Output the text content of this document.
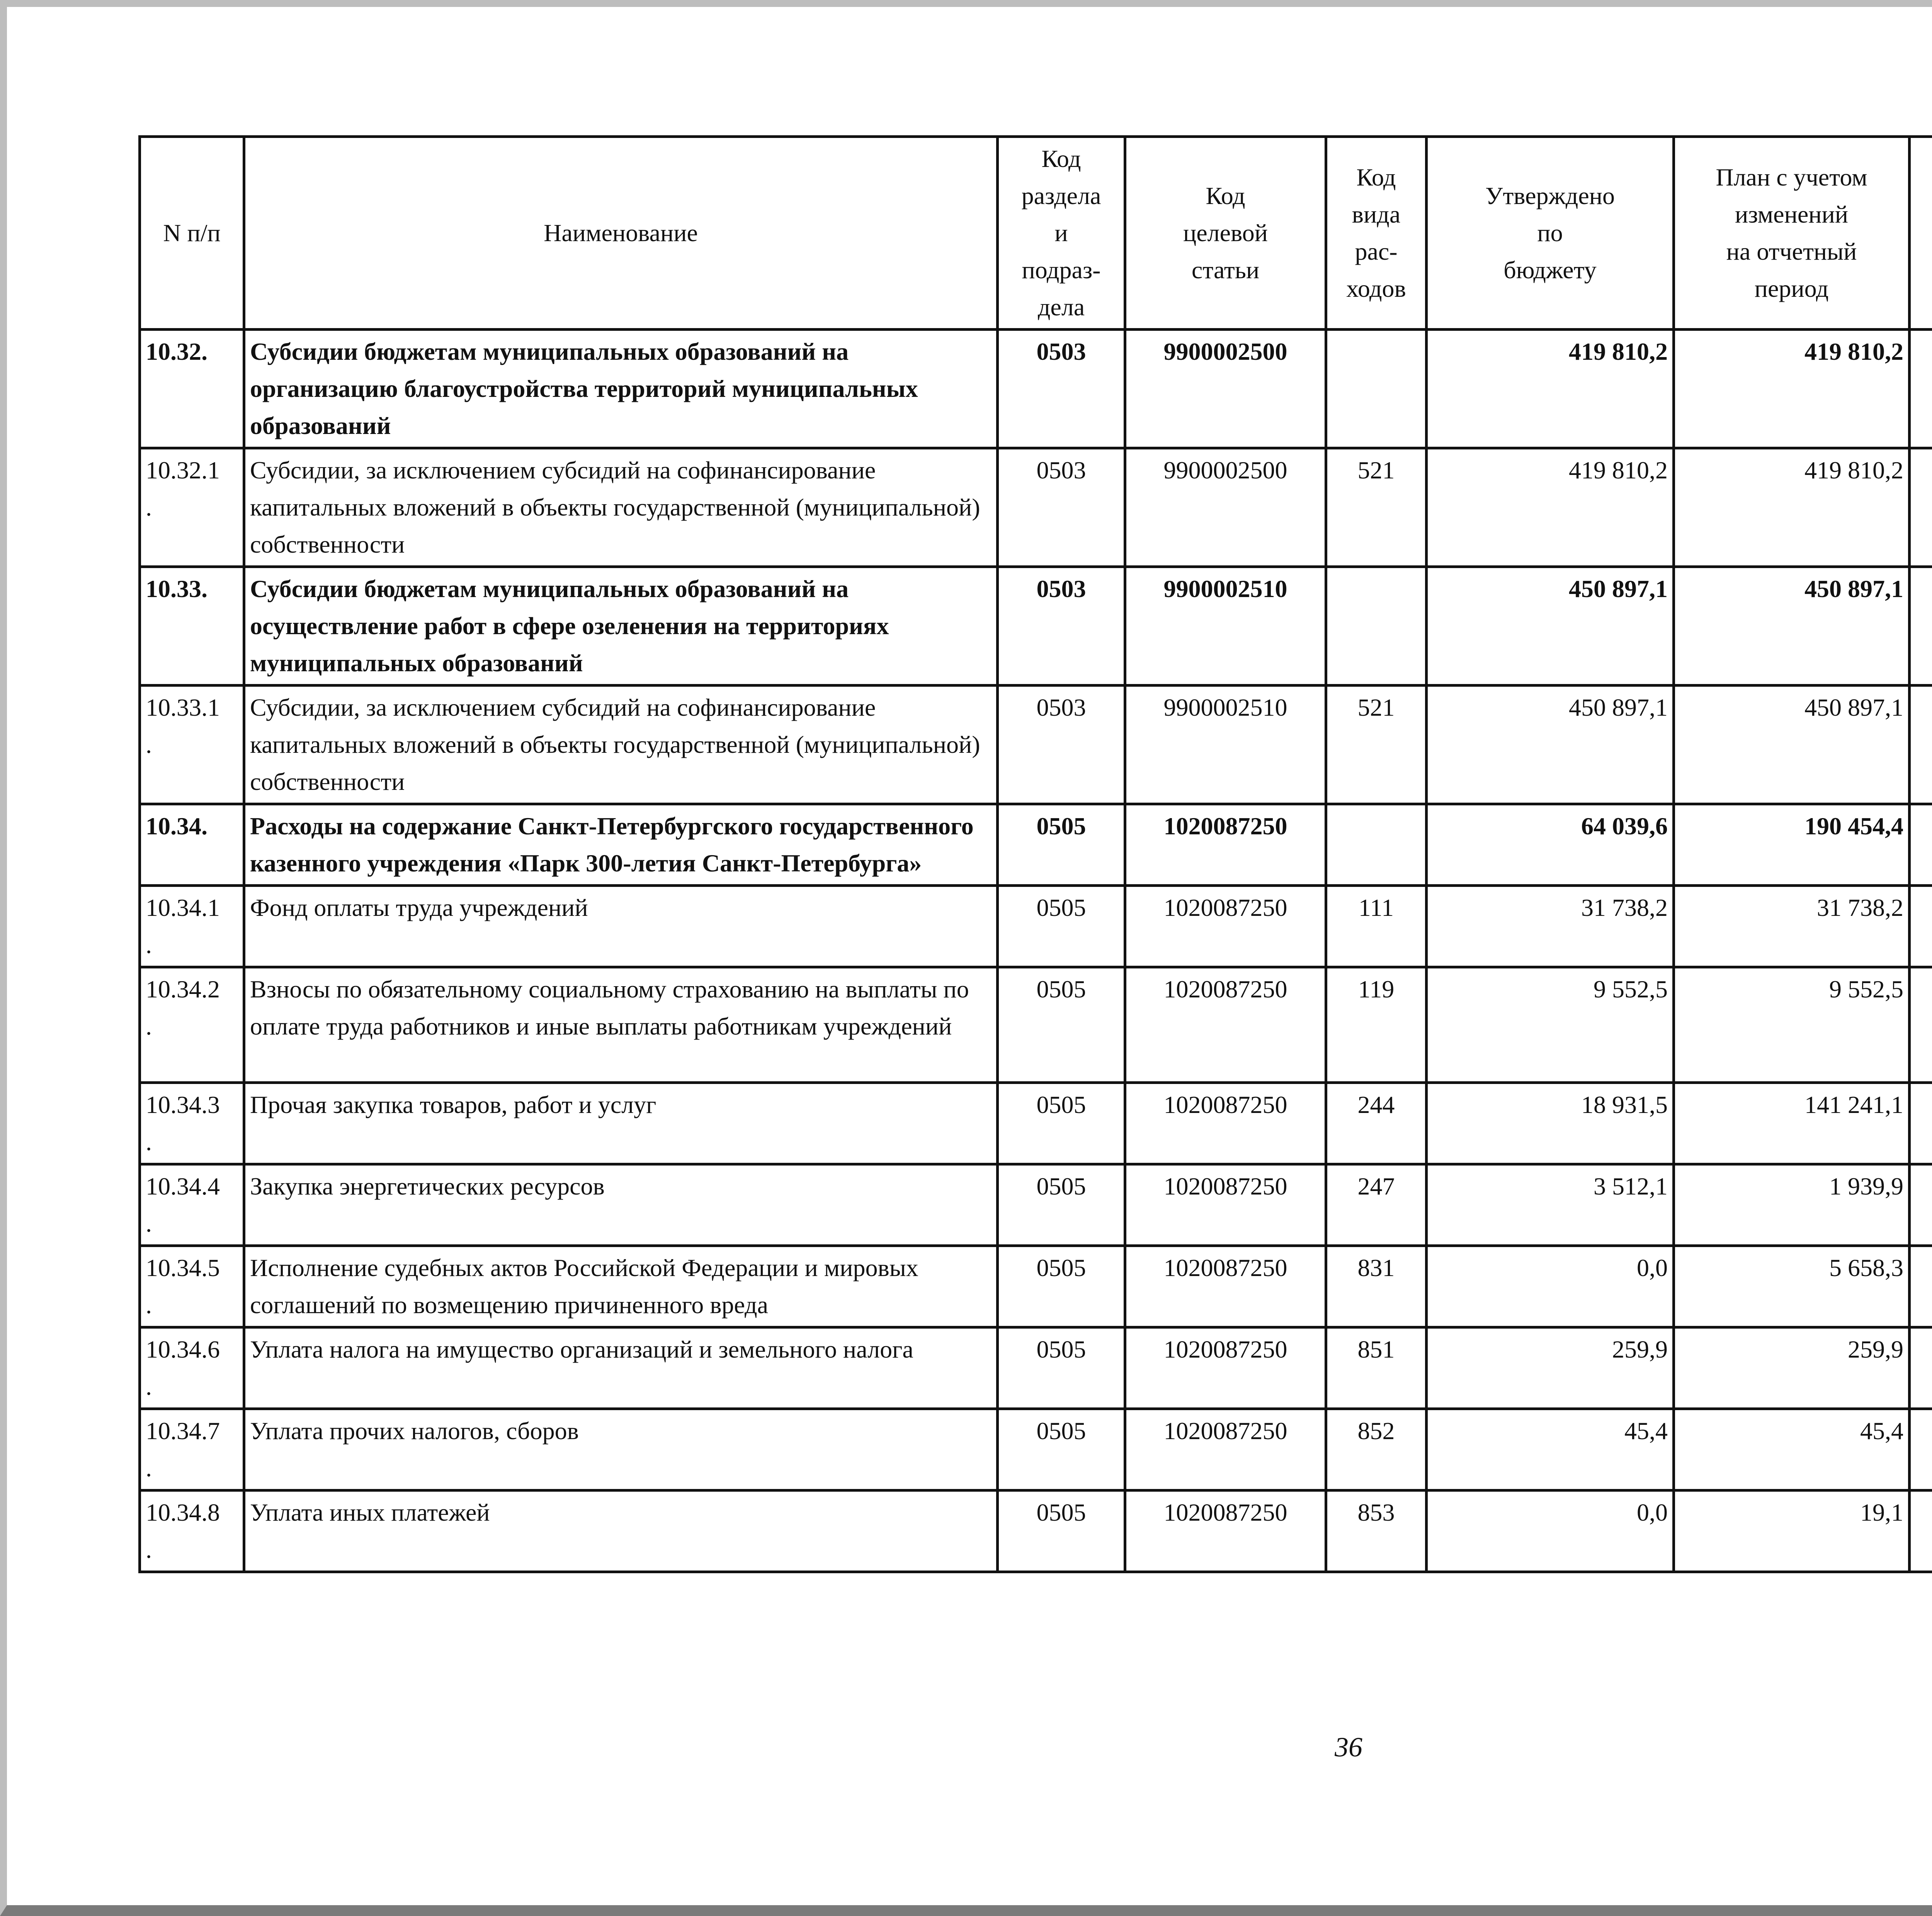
N п/п	Наименование	Код
раздела
и
подраз-
дела	Код
целевой
статьи	Код
вида
рас-
ходов	Утверждено
по
бюджету	План с учетом
изменений
на отчетный
период		

10.32.	Субсидии бюджетам муниципальных образований на организацию благоустройства территорий муниципальных образований	0503	9900002500		419 810,2	419 810,2			
10.32.1
.	Субсидии, за исключением субсидий на софинансирование капитальных вложений в объекты государственной (муниципальной) собственности	0503	9900002500	521	419 810,2	419 810,2			
10.33.	Субсидии бюджетам муниципальных образований на осуществление работ в сфере озеленения на территориях муниципальных образований	0503	9900002510		450 897,1	450 897,1			
10.33.1
.	Субсидии, за исключением субсидий на софинансирование капитальных вложений в объекты государственной (муниципальной) собственности	0503	9900002510	521	450 897,1	450 897,1			
10.34.	Расходы на содержание Санкт-Петербургского государственного казенного учреждения «Парк 300-летия Санкт-Петербурга»	0505	1020087250		64 039,6	190 454,4			
10.34.1
.	Фонд оплаты труда учреждений	0505	1020087250	111	31 738,2	31 738,2			
10.34.2
.	Взносы по обязательному социальному страхованию на выплаты по оплате труда работников и иные выплаты работникам учреждений	0505	1020087250	119	9 552,5	9 552,5			
10.34.3
.	Прочая закупка товаров, работ и услуг	0505	1020087250	244	18 931,5	141 241,1			
10.34.4
.	Закупка энергетических ресурсов	0505	1020087250	247	3 512,1	1 939,9			
10.34.5
.	Исполнение судебных актов Российской Федерации и мировых соглашений по возмещению причиненного вреда	0505	1020087250	831	0,0	5 658,3			
10.34.6
.	Уплата налога на имущество организаций и земельного налога	0505	1020087250	851	259,9	259,9			
10.34.7
.	Уплата прочих налогов, сборов	0505	1020087250	852	45,4	45,4			
10.34.8
.	Уплата иных платежей	0505	1020087250	853	0,0	19,1			
36
